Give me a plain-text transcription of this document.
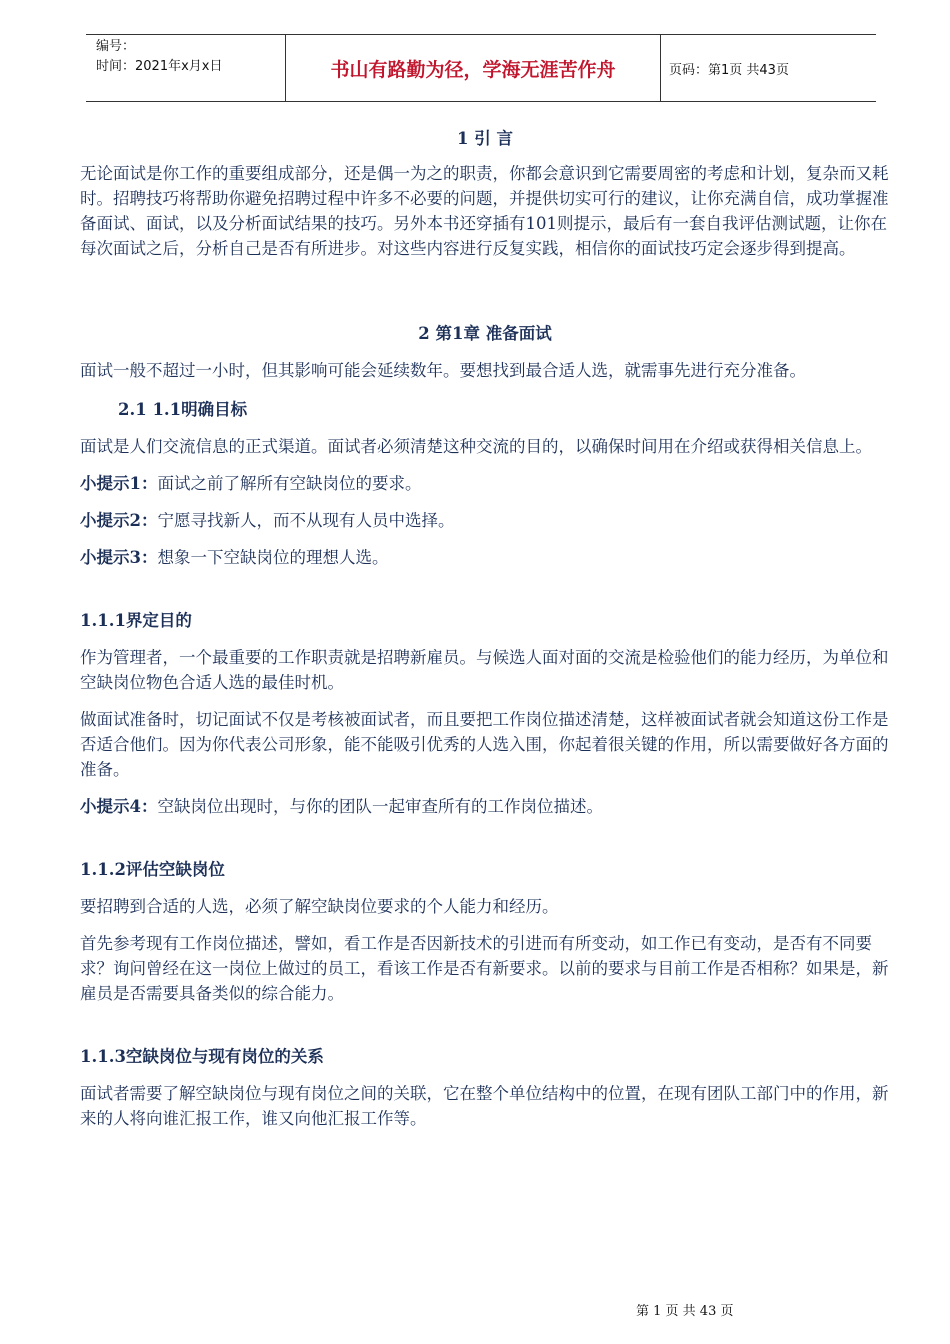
编号：
时间：2021年x月x日	书山有路勤为径，学海无涯苦作舟	页码：第1页 共43页
1 引 言

无论面试是你工作的重要组成部分，还是偶一为之的职责，你都会意识到它需要周密的考虑和计划，复杂而又耗时。招聘技巧将帮助你避免招聘过程中许多不必要的问题，并提供切实可行的建议，让你充满自信，成功掌握准备面试、面试，以及分析面试结果的技巧。另外本书还穿插有101则提示，最后有一套自我评估测试题，让你在每次面试之后，分析自己是否有所进步。对这些内容进行反复实践，相信你的面试技巧定会逐步得到提高。

2 第1章 准备面试

面试一般不超过一小时，但其影响可能会延续数年。要想找到最合适人选，就需事先进行充分准备。

2.1 1.1明确目标

面试是人们交流信息的正式渠道。面试者必须清楚这种交流的目的，以确保时间用在介绍或获得相关信息上。

小提示1：面试之前了解所有空缺岗位的要求。

小提示2：宁愿寻找新人，而不从现有人员中选择。

小提示3：想象一下空缺岗位的理想人选。

1.1.1界定目的

作为管理者，一个最重要的工作职责就是招聘新雇员。与候选人面对面的交流是检验他们的能力经历，为单位和空缺岗位物色合适人选的最佳时机。

做面试准备时，切记面试不仅是考核被面试者，而且要把工作岗位描述清楚，这样被面试者就会知道这份工作是否适合他们。因为你代表公司形象，能不能吸引优秀的人选入围，你起着很关键的作用，所以需要做好各方面的准备。

小提示4：空缺岗位出现时，与你的团队一起审查所有的工作岗位描述。

1.1.2评估空缺岗位

要招聘到合适的人选，必须了解空缺岗位要求的个人能力和经历。

首先参考现有工作岗位描述，譬如，看工作是否因新技术的引进而有所变动，如工作已有变动，是否有不同要求？询问曾经在这一岗位上做过的员工，看该工作是否有新要求。以前的要求与目前工作是否相称？如果是，新雇员是否需要具备类似的综合能力。

1.1.3空缺岗位与现有岗位的关系

面试者需要了解空缺岗位与现有岗位之间的关联，它在整个单位结构中的位置，在现有团队工部门中的作用，新来的人将向谁汇报工作，谁又向他汇报工作等。

第 1 页 共 43 页
